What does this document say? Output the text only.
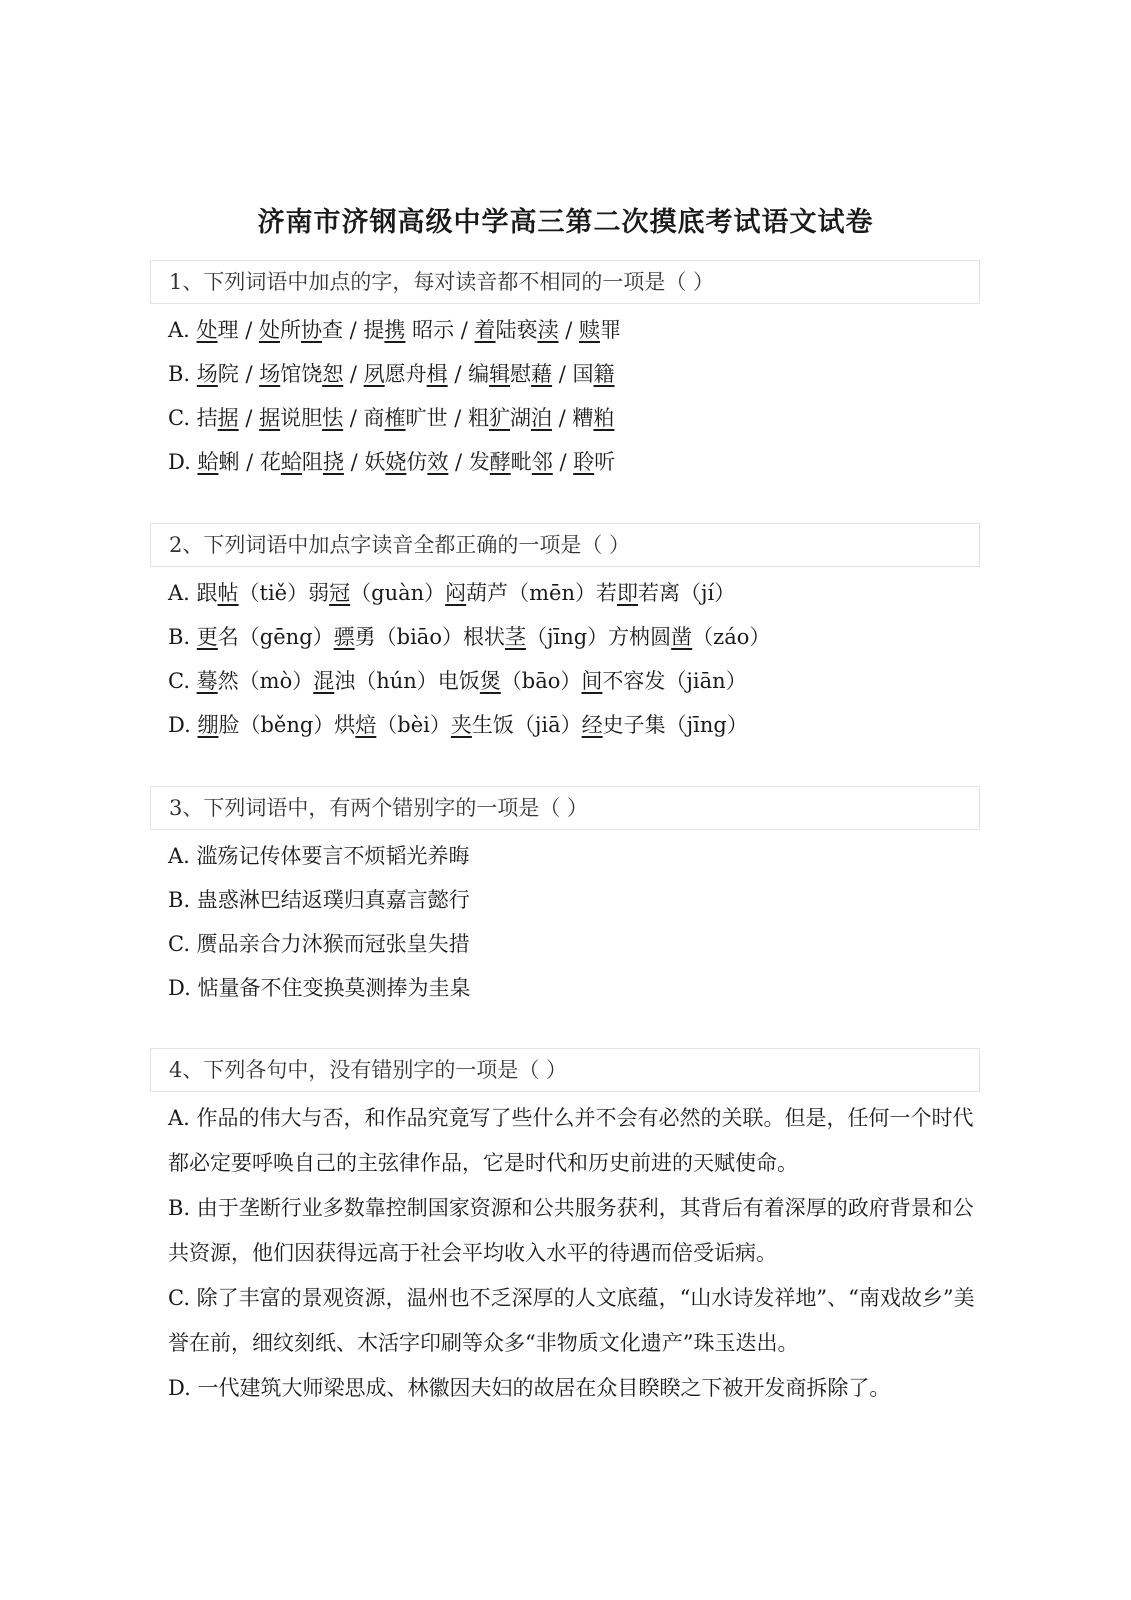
济南市济钢高级中学高三第二次摸底考试语文试卷
1、下列词语中加点的字，每对读音都不相同的一项是（ ）
A. 处理 / 处所协查 / 提携 昭示 / 着陆亵渎 / 赎罪
B. 场院 / 场馆饶恕 / 夙愿舟楫 / 编辑慰藉 / 国籍
C. 拮据 / 据说胆怯 / 商榷旷世 / 粗犷湖泊 / 糟粕
D. 蛤蜊 / 花蛤阻挠 / 妖娆仿效 / 发酵毗邻 / 聆听
2、下列词语中加点字读音全都正确的一项是（ ）
A. 跟帖（tiě）弱冠（guàn）闷葫芦（mēn）若即若离（jí）
B. 更名（gēng）骠勇（biāo）根状茎（jīng）方枘圆凿（záo）
C. 蓦然（mò）混浊（hún）电饭煲（bāo）间不容发（jiān）
D. 绷脸（běng）烘焙（bèi）夹生饭（jiā）经史子集（jīng）
3、下列词语中，有两个错别字的一项是（ ）
A. 滥殇记传体要言不烦韬光养晦
B. 蛊惑淋巴结返璞归真嘉言懿行
C. 赝品亲合力沐猴而冠张皇失措
D. 惦量备不住变换莫测捧为圭臬
4、下列各句中，没有错别字的一项是（ ）
A. 作品的伟大与否，和作品究竟写了些什么并不会有必然的关联。但是，任何一个时代都必定要呼唤自己的主弦律作品，它是时代和历史前进的天赋使命。
B. 由于垄断行业多数靠控制国家资源和公共服务获利，其背后有着深厚的政府背景和公共资源，他们因获得远高于社会平均收入水平的待遇而倍受诟病。
C. 除了丰富的景观资源，温州也不乏深厚的人文底蕴，“山水诗发祥地”、“南戏故乡”美誉在前，细纹刻纸、木活字印刷等众多“非物质文化遗产”珠玉迭出。
D. 一代建筑大师梁思成、林徽因夫妇的故居在众目睽睽之下被开发商拆除了。
